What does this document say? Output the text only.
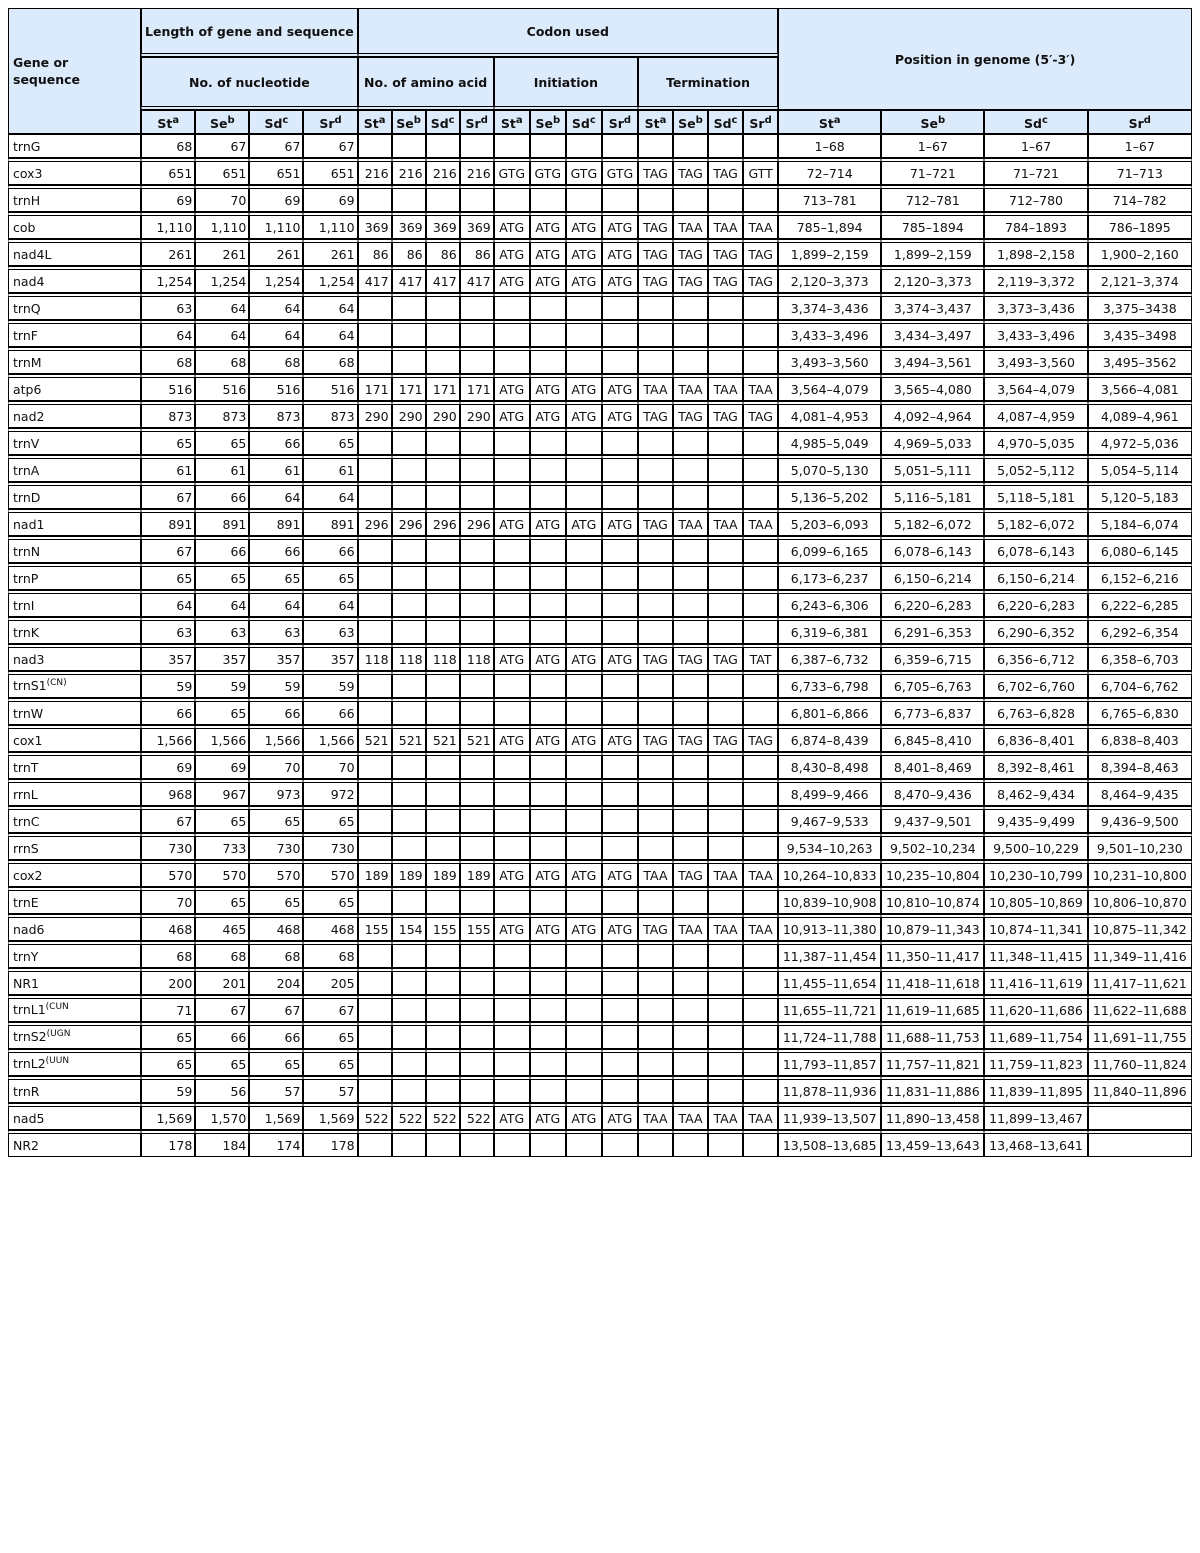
Gene or sequence	Length of gene and sequence				Codon used												Position in genome (5′-3′)			
	No. of nucleotide				No. of amino acid				Initiation				Termination							
	St$^a$	Se$^b$	Sd$^c$	Sr$^d$	St$^a$	Se$^b$	Sd$^c$	Sr$^d$	St$^a$	Se$^b$	Sd$^c$	Sr$^d$	St$^a$	Se$^b$	Sd$^c$	Sr$^d$	St$^a$	Se$^b$	Sd$^c$	Sr$^d$
trnG	68	67	67	67													1–68	1–67	1–67	1–67
cox3	651	651	651	651	216	216	216	216	GTG	GTG	GTG	GTG	TAG	TAG	TAG	GTT	72–714	71–721	71–721	71–713
trnH	69	70	69	69													713–781	712–781	712–780	714–782
cob	1,110	1,110	1,110	1,110	369	369	369	369	ATG	ATG	ATG	ATG	TAG	TAA	TAA	TAA	785–1,894	785–1894	784–1893	786–1895
nad4L	261	261	261	261	86	86	86	86	ATG	ATG	ATG	ATG	TAG	TAG	TAG	TAG	1,899–2,159	1,899–2,159	1,898–2,158	1,900–2,160
nad4	1,254	1,254	1,254	1,254	417	417	417	417	ATG	ATG	ATG	ATG	TAG	TAG	TAG	TAG	2,120–3,373	2,120–3,373	2,119–3,372	2,121–3,374
trnQ	63	64	64	64													3,374–3,436	3,374–3,437	3,373–3,436	3,375–3438
trnF	64	64	64	64													3,433–3,496	3,434–3,497	3,433–3,496	3,435–3498
trnM	68	68	68	68													3,493–3,560	3,494–3,561	3,493–3,560	3,495–3562
atp6	516	516	516	516	171	171	171	171	ATG	ATG	ATG	ATG	TAA	TAA	TAA	TAA	3,564–4,079	3,565–4,080	3,564–4,079	3,566–4,081
nad2	873	873	873	873	290	290	290	290	ATG	ATG	ATG	ATG	TAG	TAG	TAG	TAG	4,081–4,953	4,092–4,964	4,087–4,959	4,089–4,961
trnV	65	65	66	65													4,985–5,049	4,969–5,033	4,970–5,035	4,972–5,036
trnA	61	61	61	61													5,070–5,130	5,051–5,111	5,052–5,112	5,054–5,114
trnD	67	66	64	64													5,136–5,202	5,116–5,181	5,118–5,181	5,120–5,183
nad1	891	891	891	891	296	296	296	296	ATG	ATG	ATG	ATG	TAG	TAA	TAA	TAA	5,203–6,093	5,182–6,072	5,182–6,072	5,184–6,074
trnN	67	66	66	66													6,099–6,165	6,078–6,143	6,078–6,143	6,080–6,145
trnP	65	65	65	65													6,173–6,237	6,150–6,214	6,150–6,214	6,152–6,216
trnI	64	64	64	64													6,243–6,306	6,220–6,283	6,220–6,283	6,222–6,285
trnK	63	63	63	63													6,319–6,381	6,291–6,353	6,290–6,352	6,292–6,354
nad3	357	357	357	357	118	118	118	118	ATG	ATG	ATG	ATG	TAG	TAG	TAG	TAT	6,387–6,732	6,359–6,715	6,356–6,712	6,358–6,703
$trnS1^{(CN)}$	59	59	59	59													6,733–6,798	6,705–6,763	6,702–6,760	6,704–6,762
trnW	66	65	66	66													6,801–6,866	6,773–6,837	6,763–6,828	6,765–6,830
cox1	1,566	1,566	1,566	1,566	521	521	521	521	ATG	ATG	ATG	ATG	TAG	TAG	TAG	TAG	6,874–8,439	6,845–8,410	6,836–8,401	6,838–8,403
trnT	69	69	70	70													8,430–8,498	8,401–8,469	8,392–8,461	8,394–8,463
rrnL	968	967	973	972													8,499–9,466	8,470–9,436	8,462–9,434	8,464–9,435
trnC	67	65	65	65													9,467–9,533	9,437–9,501	9,435–9,499	9,436–9,500
rrnS	730	733	730	730													9,534–10,263	9,502–10,234	9,500–10,229	9,501–10,230
cox2	570	570	570	570	189	189	189	189	ATG	ATG	ATG	ATG	TAA	TAG	TAA	TAA	10,264–10,833	10,235–10,804	10,230–10,799	10,231–10,800
trnE	70	65	65	65													10,839–10,908	10,810–10,874	10,805–10,869	10,806–10,870
nad6	468	465	468	468	155	154	155	155	ATG	ATG	ATG	ATG	TAG	TAA	TAA	TAA	10,913–11,380	10,879–11,343	10,874–11,341	10,875–11,342
trnY	68	68	68	68													11,387–11,454	11,350–11,417	11,348–11,415	11,349–11,416
NR1	200	201	204	205													11,455–11,654	11,418–11,618	11,416–11,619	11,417–11,621
$trnL1^{(CUN}$	71	67	67	67													11,655–11,721	11,619–11,685	11,620–11,686	11,622–11,688
$trnS2^{(UGN}$	65	66	66	65													11,724–11,788	11,688–11,753	11,689–11,754	11,691–11,755
$trnL2^{(UUN}$	65	65	65	65													11,793–11,857	11,757–11,821	11,759–11,823	11,760–11,824
trnR	59	56	57	57													11,878–11,936	11,831–11,886	11,839–11,895	11,840–11,896
nad5	1,569	1,570	1,569	1,569	522	522	522	522	ATG	ATG	ATG	ATG	TAA	TAA	TAA	TAA	11,939–13,507	11,890–13,458	11,899–13,467	
NR2	178	184	174	178													13,508–13,685	13,459–13,643	13,468–13,641	
